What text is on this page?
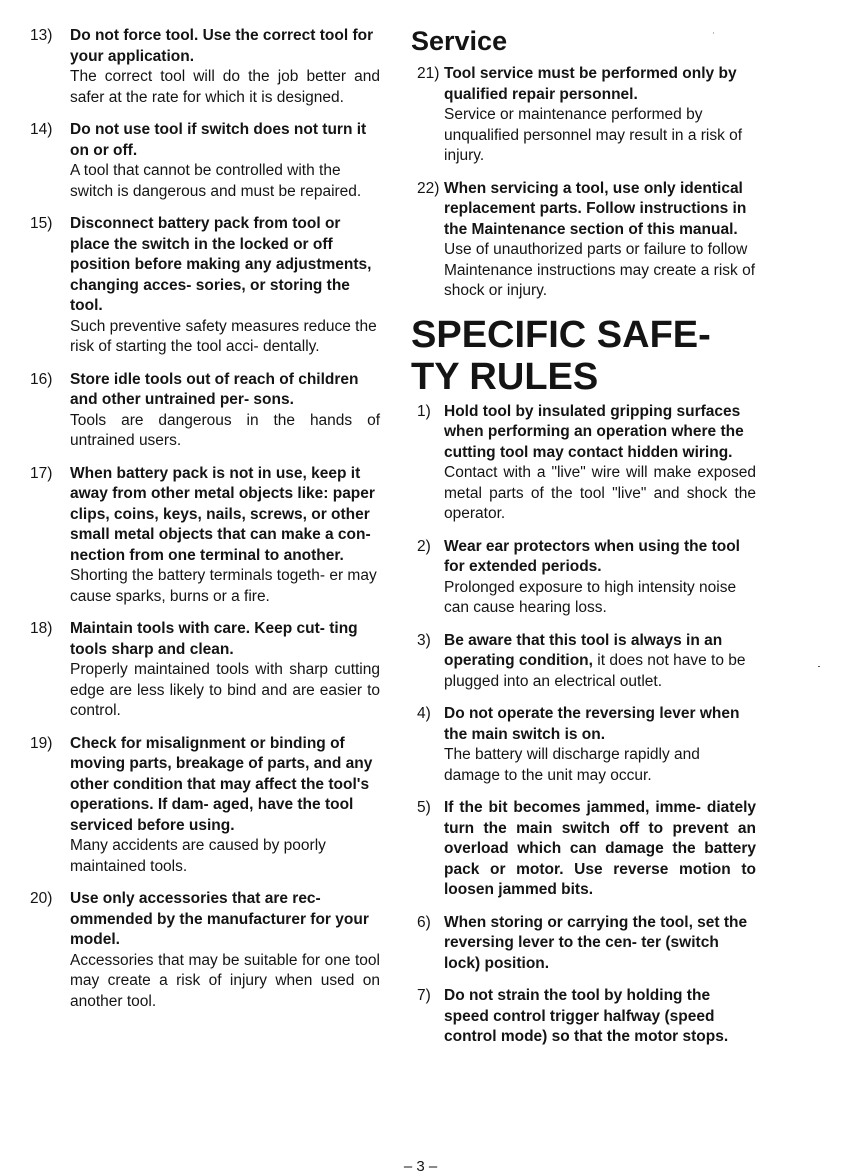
13) Do not force tool. Use the correct tool for your application.
The correct tool will do the job better and safer at the rate for which it is designed.
14) Do not use tool if switch does not turn it on or off.
A tool that cannot be controlled with the switch is dangerous and must be repaired.
15) Disconnect battery pack from tool or place the switch in the locked or off position before making any adjustments, changing acces- sories, or storing the tool.
Such preventive safety measures reduce the risk of starting the tool acci- dentally.
16) Store idle tools out of reach of children and other untrained per- sons.
Tools are dangerous in the hands of untrained users.
17) When battery pack is not in use, keep it away from other metal objects like: paper clips, coins, keys, nails, screws, or other small metal objects that can make a con- nection from one terminal to another.
Shorting the battery terminals togeth- er may cause sparks, burns or a fire.
18) Maintain tools with care. Keep cut- ting tools sharp and clean.
Properly maintained tools with sharp cutting edge are less likely to bind and are easier to control.
19) Check for misalignment or binding of moving parts, breakage of parts, and any other condition that may affect the tool's operations. If dam- aged, have the tool serviced before using.
Many accidents are caused by poorly maintained tools.
20) Use only accessories that are rec- ommended by the manufacturer for your model.
Accessories that may be suitable for one tool may create a risk of injury when used on another tool.
Service
21) Tool service must be performed only by qualified repair personnel.
Service or maintenance performed by unqualified personnel may result in a risk of injury.
22) When servicing a tool, use only identical replacement parts. Follow instructions in the Maintenance section of this manual.
Use of unauthorized parts or failure to follow Maintenance instructions may create a risk of shock or injury.
SPECIFIC SAFE-
TY RULES
1) Hold tool by insulated gripping surfaces when performing an operation where the cutting tool may contact hidden wiring.
Contact with a "live" wire will make exposed metal parts of the tool "live" and shock the operator.
2) Wear ear protectors when using the tool for extended periods.
Prolonged exposure to high intensity noise can cause hearing loss.
3) Be aware that this tool is always in an operating condition, it does not have to be plugged into an electrical outlet.
4) Do not operate the reversing lever when the main switch is on.
The battery will discharge rapidly and damage to the unit may occur.
5) If the bit becomes jammed, imme- diately turn the main switch off to prevent an overload which can damage the battery pack or motor. Use reverse motion to loosen jammed bits.
6) When storing or carrying the tool, set the reversing lever to the cen- ter (switch lock) position.
7) Do not strain the tool by holding the speed control trigger halfway (speed control mode) so that the motor stops.
– 3 –
